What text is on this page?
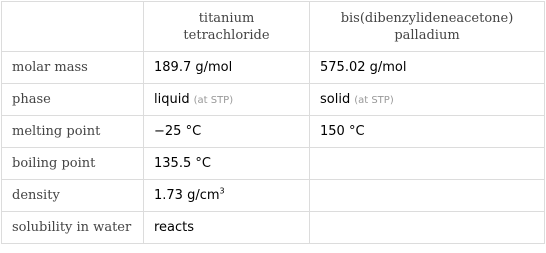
	titanium tetrachloride	bis(dibenzylideneacetone)
palladium
molar mass	189.7 g/mol	575.02 g/mol
phase	liquid (at STP)	solid (at STP)
melting point	−25 °C	150 °C
boiling point	135.5 °C	
density	1.73 $g/cm^3$	
solubility in water	reacts	
